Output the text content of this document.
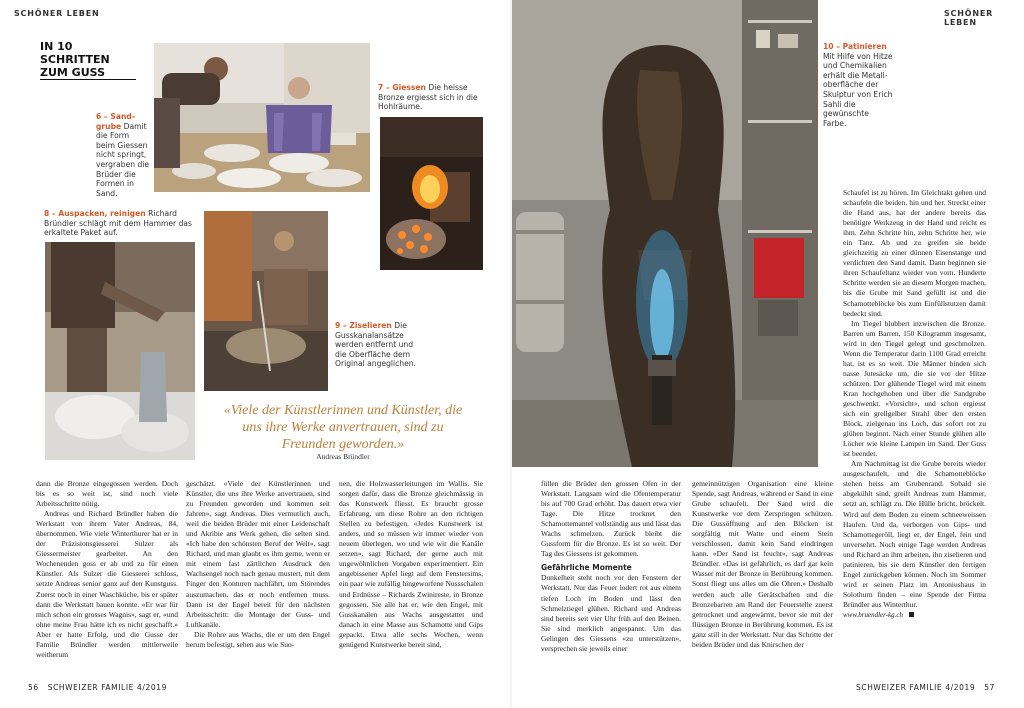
SCHÖNER LEBEN	SCHÖNER LEBEN
IN 10 SCHRITTEN
ZUM GUSS
6 – Sandgrube Damit die Form beim Giessen nicht springt, vergraben die Brüder die Formen in Sand.
7 – Giessen Die heisse Bronze ergiesst sich in die Hohlräume.
8 – Auspacken, reinigen Richard Bründler schlägt mit dem Hammer das erkaltete Paket auf.
9 – Ziselieren Die Gusskanalansätze werden entfernt und die Oberfläche dem Original angeglichen.
«Viele der Künstlerinnen und Künstler, die uns ihre Werke anvertrauen, sind zu Freunden geworden.»
Andreas Bründler

dann die Bronze eingegossen werden. Doch bis es so weit ist, sind noch viele Arbeitsschritte nötig.

Andreas und Richard Bründler haben die Werkstatt von ihrem Vater Andreas, 84, übernommen. Wie viele Winterthurer hat er in der Präzisionsgiesserei Sulzer als Giessermeister gearbeitet. An den Wochenenden goss er ab und zu für einen Künstler. Als Sulzer die Giesserei schloss, setzte Andreas senior ganz auf den Kunstguss. Zuerst noch in einer Waschküche, bis er später dann die Werkstatt bauen konnte. «Er war für mich schon ein grosses Wagnis», sagt er, «und ohne meine Frau hätte ich es nicht geschafft.» Aber er hatte Erfolg, und die Gusse der Familie Bründler werden mittlerweile weitherum

geschätzt. «Viele der Künstlerinnen und Künstler, die uns ihre Werke anvertrauen, sind zu Freunden geworden und kommen seit Jahren», sagt Andreas. Dies vermutlich auch, weil die beiden Brüder mit einer Leidenschaft und Akribie ans Werk gehen, die selten sind. «Ich habe den schönsten Beruf der Welt», sagt Richard, und man glaubt es ihm gerne, wenn er mit einem fast zärtlichen Ausdruck den Wachsengel noch nach genau mustert, mit dem Finger den Konturen nachfährt, um Störendes auszumachen, das er noch entfernen muss. Dann ist der Engel bereit für den nächsten Arbeitsschritt: die Montage der Guss- und Luftkanäle.

Die Rohre aus Wachs, die er um den Engel herum befestigt, sehen aus wie Suo-

nen, die Holzwasserleitungen im Wallis. Sie sorgen dafür, dass die Bronze gleichmässig in das Kunstwerk fliesst. Es braucht grosse Erfahrung, um diese Rohre an den richtigen Stellen zu befestigen. «Jedes Kunstwerk ist anders, und so müssen wir immer wieder von neuem überlegen, wo und wie wir die Kanäle setzen», sagt Richard, der gerne auch mit ungewöhnlichen Vorgaben experimentiert. Ein angebissener Apfel liegt auf dem Fenstersims, ein paar wie zufällig hingeworfene Nussschalen und Erdnüsse – Richards Zwinireste, in Bronze gegossen. Sie alle hat er, wie den Engel, mit Gusskanälen aus Wachs ausgestattet und danach in eine Masse aus Schamotte und Gips gepackt. Etwa alle sechs Wochen, wenn genügend Kunstwerke bereit sind,

10 – Patinieren Mit Hilfe von Hitze und Chemikalien erhält die Metalloberfläche der Skulptur von Erich Sahli die gewünschte Farbe.

füllen die Brüder den grossen Ofen in der Werkstatt. Langsam wird die Ofentemperatur bis auf 700 Grad erhöht. Das dauert etwa vier Tage. Die Hitze trocknet den Schamottemantel vollständig aus und lässt das Wachs schmelzen. Zurück bleibt die Gussform für die Bronze. Es ist so weit. Der Tag des Giessens ist gekommen.

Gefährliche Momente

Dunkelheit steht noch vor den Fenstern der Werkstatt. Nur das Feuer lodert rot aus einem tiefen Loch im Boden und lässt den Schmelztiegel glühen. Richard und Andreas sind bereits seit vier Uhr früh auf den Beinen. Sie sind merklich angespannt. Um das Gelingen des Giessens «zu unterstützen», versprechen sie jeweils einer

gemeinnützigen Organisation eine kleine Spende, sagt Andreas, während er Sand in eine Grube schaufelt. Der Sand wird die Kunstwerke vor dem Zerspringen schützen. Die Gussöffnung auf den Blöcken ist sorgfältig mit Watte und einem Stein verschlossen, damit kein Sand eindringen kann. «Der Sand ist feucht», sagt Andreas Bründler. «Das ist gefährlich, es darf gar kein Wasser mit der Bronze in Berührung kommen. Sonst fliegt uns alles um die Ohren.» Deshalb werden auch alle Gerätschaften und die Bronzebarren am Rand der Feuerstelle zuerst getrocknet und angewärmt, bevor sie mit der flüssigen Bronze in Berührung kommen. Es ist ganz still in der Werkstatt. Nur das Schritte der beiden Brüder und das Knirschen der

Schaufel ist zu hören. Im Gleichtakt gehen und schaufeln die beiden, hin und her. Streckt einer die Hand aus, hat der andere bereits das benötigte Werkzeug in der Hand und reicht es ihm. Zehn Schritte hin, zehn Schritte her, wie ein Tanz. Ab und zu greifen sie beide gleichzeitig zu einer dünnen Eisenstange und verdichten den Sand damit. Dann beginnen sie ihren Schaufeltanz wieder von vorn. Hunderte Schritte werden sie an diesem Morgen machen, bis die Grube mit Sand gefüllt ist und die Schamotteblöcke bis zum Einfüllstutzen damit bedeckt sind.

Im Tiegel blubbert inzwischen die Bronze. Barren um Barren, 150 Kilogramm insgesamt, wird in den Tiegel gelegt und geschmolzen. Wenn die Temperatur darin 1100 Grad erreicht hat, ist es so weit. Die Männer binden sich nasse Jutesäcke um, die sie vor der Hitze schützen. Der glühende Tiegel wird mit einem Kran hochgehoben und über die Sandgrube geschwenkt. «Vorsicht», und schon ergiesst sich ein grellgelber Strahl über den ersten Block, zielgenau ins Loch, das sofort rot zu glühen beginnt. Nach einer Stunde glühen alle Löcher wie kleine Lampen im Sand. Der Guss ist beendet.

Am Nachmittag ist die Grube bereits wieder ausgeschaufelt, und die Schamotteblöcke stehen heiss am Grubenrand. Sobald sie abgekühlt sind, greift Andreas zum Hammer, setzt an, schlägt zu. Die Hülle bricht, bröckelt. Wird auf dem Boden zu einem schneeweissen Haufen. Und da, verborgen von Gips- und Schamottegeröll, liegt er, der Engel, fein und unversehrt. Noch einige Tage werden Andreas und Richard an ihm arbeiten, ihn ziselieren und patinieren, bis sie dem Künstler den fertigen Engel zurückgeben können. Noch im Sommer wird er seinen Platz im Antoniushaus in Solothurn finden – eine Spende der Firma Bründler aus Winterthur.

www.bruendler-kg.ch

56 SCHWEIZER FAMILIE 4/2019	SCHWEIZER FAMILIE 4/2019 57
